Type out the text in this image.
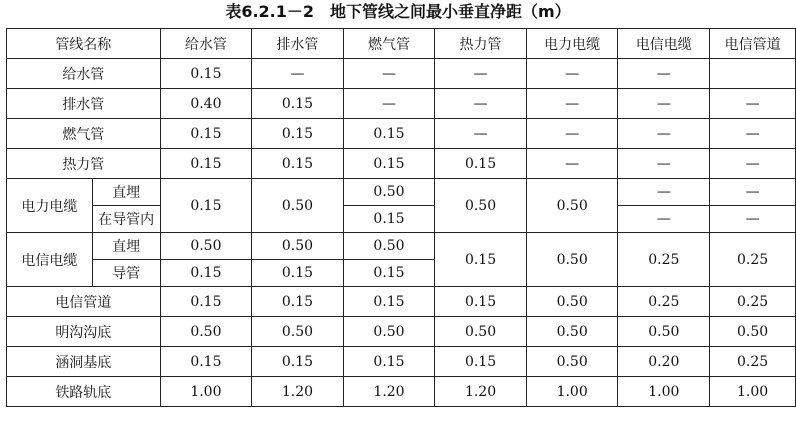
表6.2.1－2　地下管线之间最小垂直净距（m）
管线名称		给水管	排水管	燃气管	热力管	电力电缆	电信电缆	电信管道
给水管		0.15	—	—	—	—	—	
排水管		0.40	0.15	—	—	—	—	—
燃气管		0.15	0.15	0.15	—	—	—	—
热力管		0.15	0.15	0.15	0.15	—	—	—
电力电缆	直埋	0.15	0.50	0.50	0.50	0.50	—	—
	在导管内			0.15			—	—
电信电缆	直埋	0.50	0.50	0.50	0.15	0.50	0.25	0.25
	导管	0.15	0.15	0.15				
电信管道		0.15	0.15	0.15	0.15	0.50	0.25	0.25
明沟沟底		0.50	0.50	0.50	0.50	0.50	0.50	0.50
涵洞基底		0.15	0.15	0.15	0.15	0.50	0.20	0.25
铁路轨底		1.00	1.20	1.20	1.20	1.00	1.00	1.00
